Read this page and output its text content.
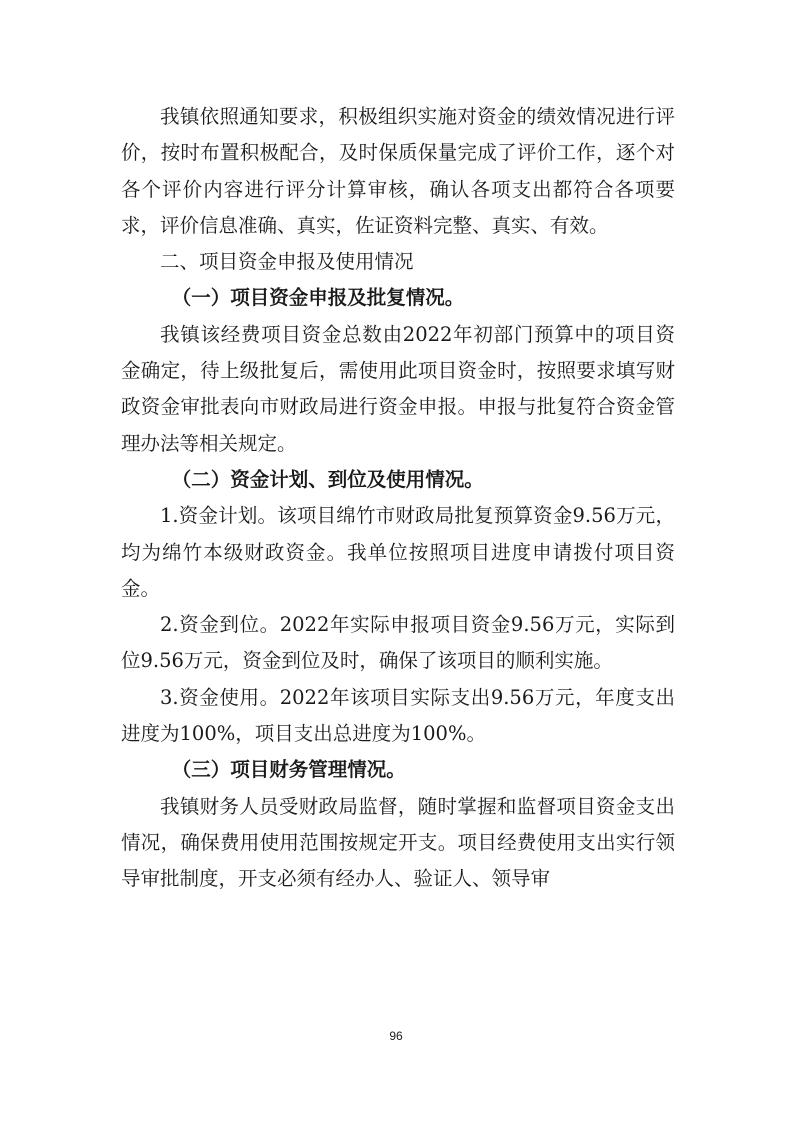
我镇依照通知要求，积极组织实施对资金的绩效情况进行评价，按时布置积极配合，及时保质保量完成了评价工作，逐个对各个评价内容进行评分计算审核，确认各项支出都符合各项要求，评价信息准确、真实，佐证资料完整、真实、有效。

二、项目资金申报及使用情况

（一）项目资金申报及批复情况。

我镇该经费项目资金总数由2022年初部门预算中的项目资金确定，待上级批复后，需使用此项目资金时，按照要求填写财政资金审批表向市财政局进行资金申报。申报与批复符合资金管理办法等相关规定。

（二）资金计划、到位及使用情况。

1.资金计划。该项目绵竹市财政局批复预算资金9.56万元，均为绵竹本级财政资金。我单位按照项目进度申请拨付项目资金。

2.资金到位。2022年实际申报项目资金9.56万元，实际到位9.56万元，资金到位及时，确保了该项目的顺利实施。

3.资金使用。2022年该项目实际支出9.56万元，年度支出进度为100%，项目支出总进度为100%。

（三）项目财务管理情况。

我镇财务人员受财政局监督，随时掌握和监督项目资金支出情况，确保费用使用范围按规定开支。项目经费使用支出实行领导审批制度，开支必须有经办人、验证人、领导审

96
